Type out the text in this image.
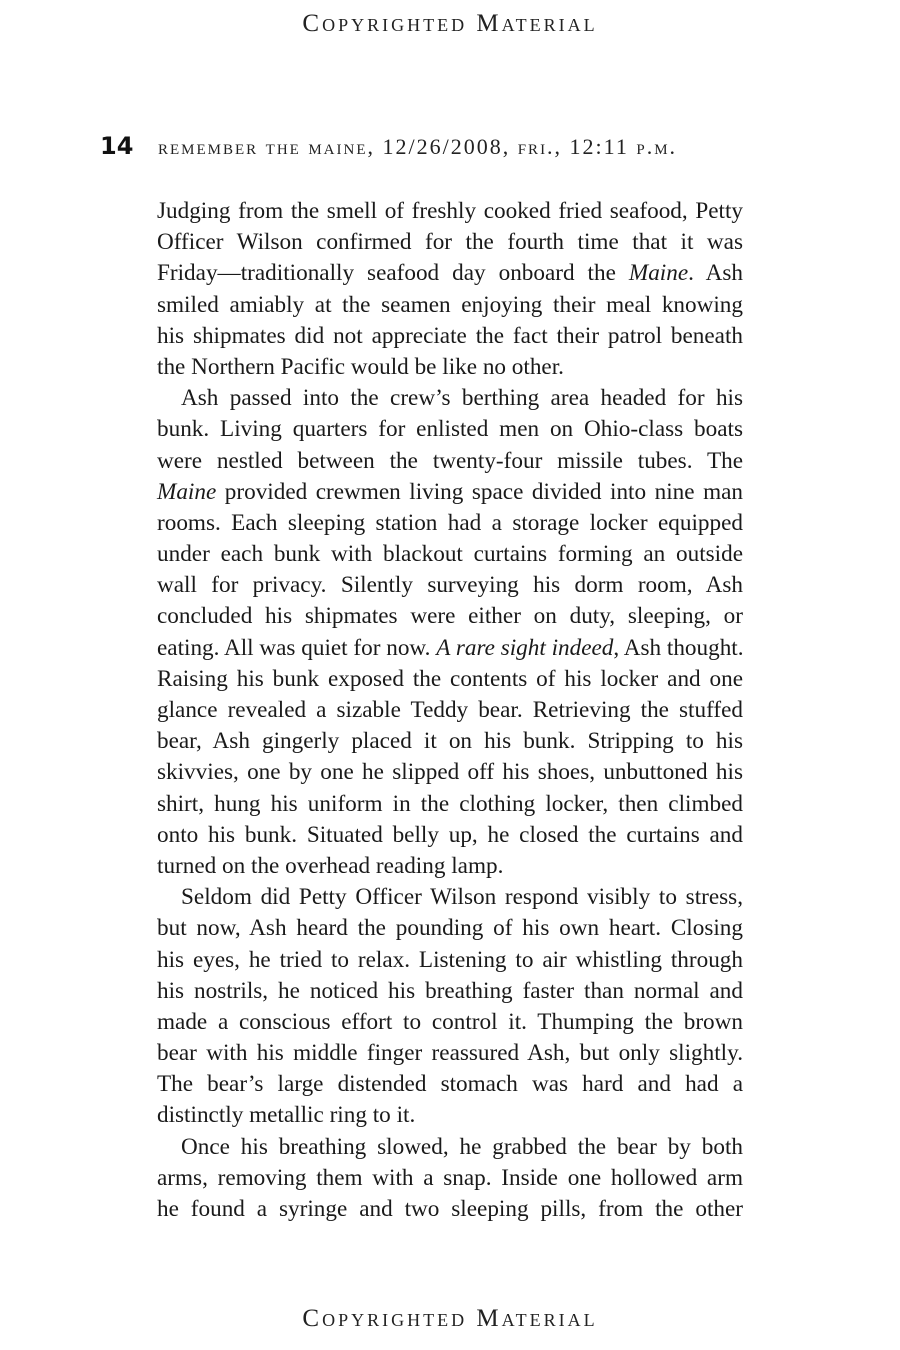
Copyrighted Material
14 remember the maine, 12/26/2008, fri., 12:11 p.m.
Judging from the smell of freshly cooked fried seafood, Petty
Officer Wilson confirmed for the fourth time that it was
Friday—traditionally seafood day onboard the Maine. Ash
smiled amiably at the seamen enjoying their meal knowing
his shipmates did not appreciate the fact their patrol beneath
the Northern Pacific would be like no other.
Ash passed into the crew’s berthing area headed for his
bunk. Living quarters for enlisted men on Ohio-class boats
were nestled between the twenty-four missile tubes. The
Maine provided crewmen living space divided into nine man
rooms. Each sleeping station had a storage locker equipped
under each bunk with blackout curtains forming an outside
wall for privacy. Silently surveying his dorm room, Ash
concluded his shipmates were either on duty, sleeping, or
eating. All was quiet for now. A rare sight indeed, Ash thought.
Raising his bunk exposed the contents of his locker and one
glance revealed a sizable Teddy bear. Retrieving the stuffed
bear, Ash gingerly placed it on his bunk. Stripping to his
skivvies, one by one he slipped off his shoes, unbuttoned his
shirt, hung his uniform in the clothing locker, then climbed
onto his bunk. Situated belly up, he closed the curtains and
turned on the overhead reading lamp.
Seldom did Petty Officer Wilson respond visibly to stress,
but now, Ash heard the pounding of his own heart. Closing
his eyes, he tried to relax. Listening to air whistling through
his nostrils, he noticed his breathing faster than normal and
made a conscious effort to control it. Thumping the brown
bear with his middle finger reassured Ash, but only slightly.
The bear’s large distended stomach was hard and had a
distinctly metallic ring to it.
Once his breathing slowed, he grabbed the bear by both
arms, removing them with a snap. Inside one hollowed arm
he found a syringe and two sleeping pills, from the other
Copyrighted Material
